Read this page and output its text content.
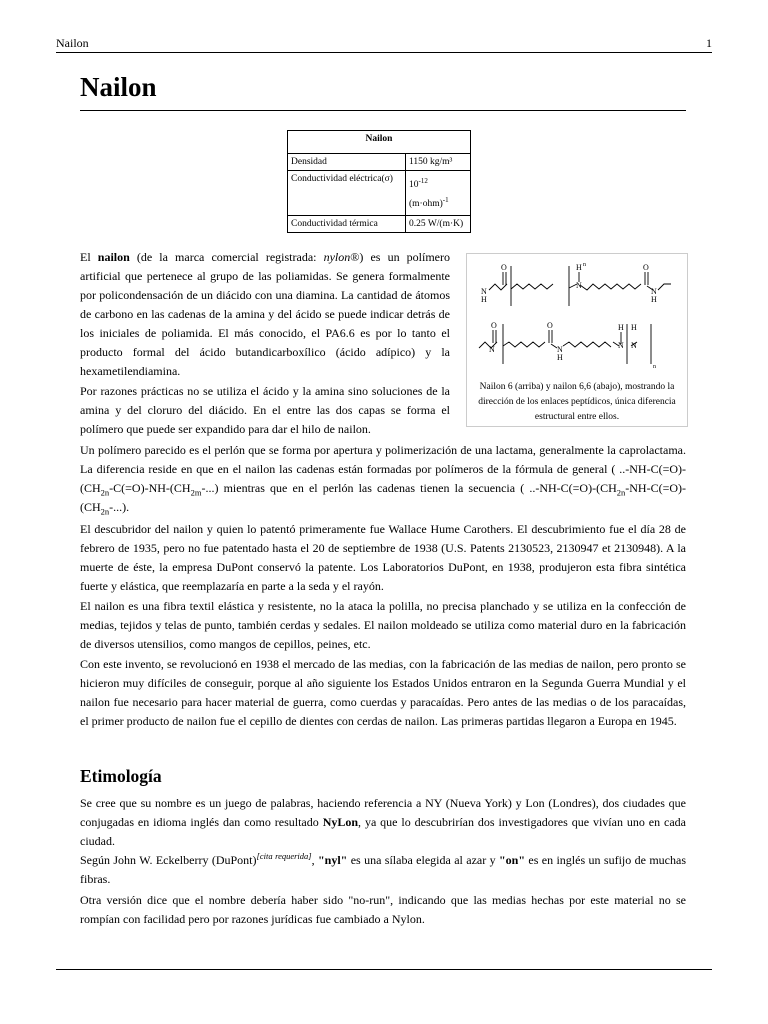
Nailon	1
Nailon
Nailon	
Densidad	1150 kg/m³
Conductividad eléctrica(σ)	$10^{-12}$
$(m\cdot ohm)^{-1}$
Conductividad térmica	0.25 W/(m·K)
O
N
H
H
N
n	O
N
H
O	O
N
H
H
N
H
N
n
N
Nailon 6 (arriba) y nailon 6,6 (abajo), mostrando la dirección de los enlaces peptídicos, única diferencia estructural entre ellos.

El nailon (de la marca comercial registrada: nylon®) es un polímero artificial que pertenece al grupo de las poliamidas. Se genera formalmente por policondensación de un diácido con una diamina. La cantidad de átomos de carbono en las cadenas de la amina y del ácido se puede indicar detrás de los iniciales de poliamida. El más conocido, el PA6.6 es por lo tanto el producto formal del ácido butandicarboxílico (ácido adípico) y la hexametilendiamina.

Por razones prácticas no se utiliza el ácido y la amina sino soluciones de la amina y del cloruro del diácido. En el entre las dos capas se forma el polímero que puede ser expandido para dar el hilo de nailon.

Un polímero parecido es el perlón que se forma por apertura y polimerización de una lactama, generalmente la caprolactama. La diferencia reside en que en el nailon las cadenas están formadas por polímeros de la fórmula de general ( $..-NH-C(=O)-(CH_{2n}-C(=O)-NH-(CH_{2m}-...)$ mientras que en el perlón las cadenas tienen la secuencia ( $..-NH-C(=O)-(CH_{2n}-NH-C(=O)-(CH_{2n}-...)$.

El descubridor del nailon y quien lo patentó primeramente fue Wallace Hume Carothers. El descubrimiento fue el día 28 de febrero de 1935, pero no fue patentado hasta el 20 de septiembre de 1938 (U.S. Patents 2130523, 2130947 et 2130948). A la muerte de éste, la empresa DuPont conservó la patente. Los Laboratorios DuPont, en 1938, produjeron esta fibra sintética fuerte y elástica, que reemplazaría en parte a la seda y el rayón.

El nailon es una fibra textil elástica y resistente, no la ataca la polilla, no precisa planchado y se utiliza en la confección de medias, tejidos y telas de punto, también cerdas y sedales. El nailon moldeado se utiliza como material duro en la fabricación de diversos utensilios, como mangos de cepillos, peines, etc.

Con este invento, se revolucionó en 1938 el mercado de las medias, con la fabricación de las medias de nailon, pero pronto se hicieron muy difíciles de conseguir, porque al año siguiente los Estados Unidos entraron en la Segunda Guerra Mundial y el nailon fue necesario para hacer material de guerra, como cuerdas y paracaídas. Pero antes de las medias o de los paracaídas, el primer producto de nailon fue el cepillo de dientes con cerdas de nailon. Las primeras partidas llegaron a Europa en 1945.

Etimología

Se cree que su nombre es un juego de palabras, haciendo referencia a NY (Nueva York) y Lon (Londres), dos ciudades que conjugadas en idioma inglés dan como resultado NyLon, ya que lo descubrirían dos investigadores que vivían uno en cada ciudad.

Según John W. Eckelberry (DuPont)[cita requerida], "nyl" es una sílaba elegida al azar y "on" es en inglés un sufijo de muchas fibras.

Otra versión dice que el nombre debería haber sido "no-run", indicando que las medias hechas por este material no se rompían con facilidad pero por razones jurídicas fue cambiado a Nylon.
